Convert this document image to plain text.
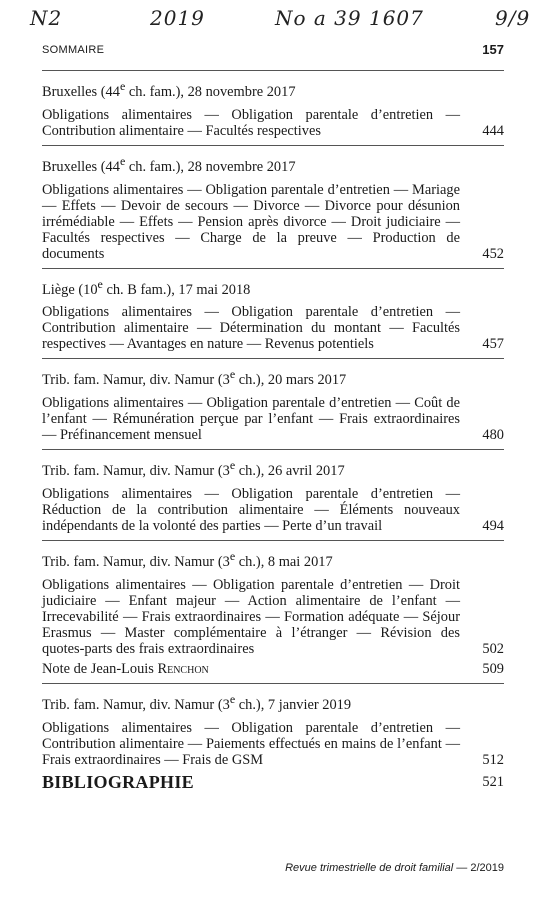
N2	2019	No a 39 1607	9/9
SOMMAIRE	157
Bruxelles (44e ch. fam.), 28 novembre 2017
Obligations alimentaires — Obligation parentale d’entretien — Contribution alimentaire — Facultés respectives	444
Bruxelles (44e ch. fam.), 28 novembre 2017
Obligations alimentaires — Obligation parentale d’entretien — Mariage — Effets — Devoir de secours — Divorce — Divorce pour désunion irrémédiable — Effets — Pension après divorce — Droit judiciaire — Facultés respectives — Charge de la preuve — Production de documents	452
Liège (10e ch. B fam.), 17 mai 2018
Obligations alimentaires — Obligation parentale d’entretien — Contribution alimentaire — Détermination du montant — Facultés respectives — Avantages en nature — Revenus potentiels	457
Trib. fam. Namur, div. Namur (3e ch.), 20 mars 2017
Obligations alimentaires — Obligation parentale d’entretien — Coût de l’enfant — Rémunération perçue par l’enfant — Frais extraordinaires — Préfinancement mensuel	480
Trib. fam. Namur, div. Namur (3e ch.), 26 avril 2017
Obligations alimentaires — Obligation parentale d’entretien — Réduction de la contribution alimentaire — Éléments nouveaux indépendants de la volonté des parties — Perte d’un travail	494
Trib. fam. Namur, div. Namur (3e ch.), 8 mai 2017
Obligations alimentaires — Obligation parentale d’entretien — Droit judiciaire — Enfant majeur — Action alimentaire de l’enfant — Irrecevabilité — Frais extraordinaires — Formation adéquate — Séjour Erasmus — Master complémentaire à l’étranger — Révision des quotes-parts des frais extraordinaires	502
Note de Jean-Louis Renchon	509
Trib. fam. Namur, div. Namur (3e ch.), 7 janvier 2019
Obligations alimentaires — Obligation parentale d’entretien — Contribution alimentaire — Paiements effectués en mains de l’enfant — Frais extraordinaires — Frais de GSM	512
BIBLIOGRAPHIE	521
Revue trimestrielle de droit familial — 2/2019
